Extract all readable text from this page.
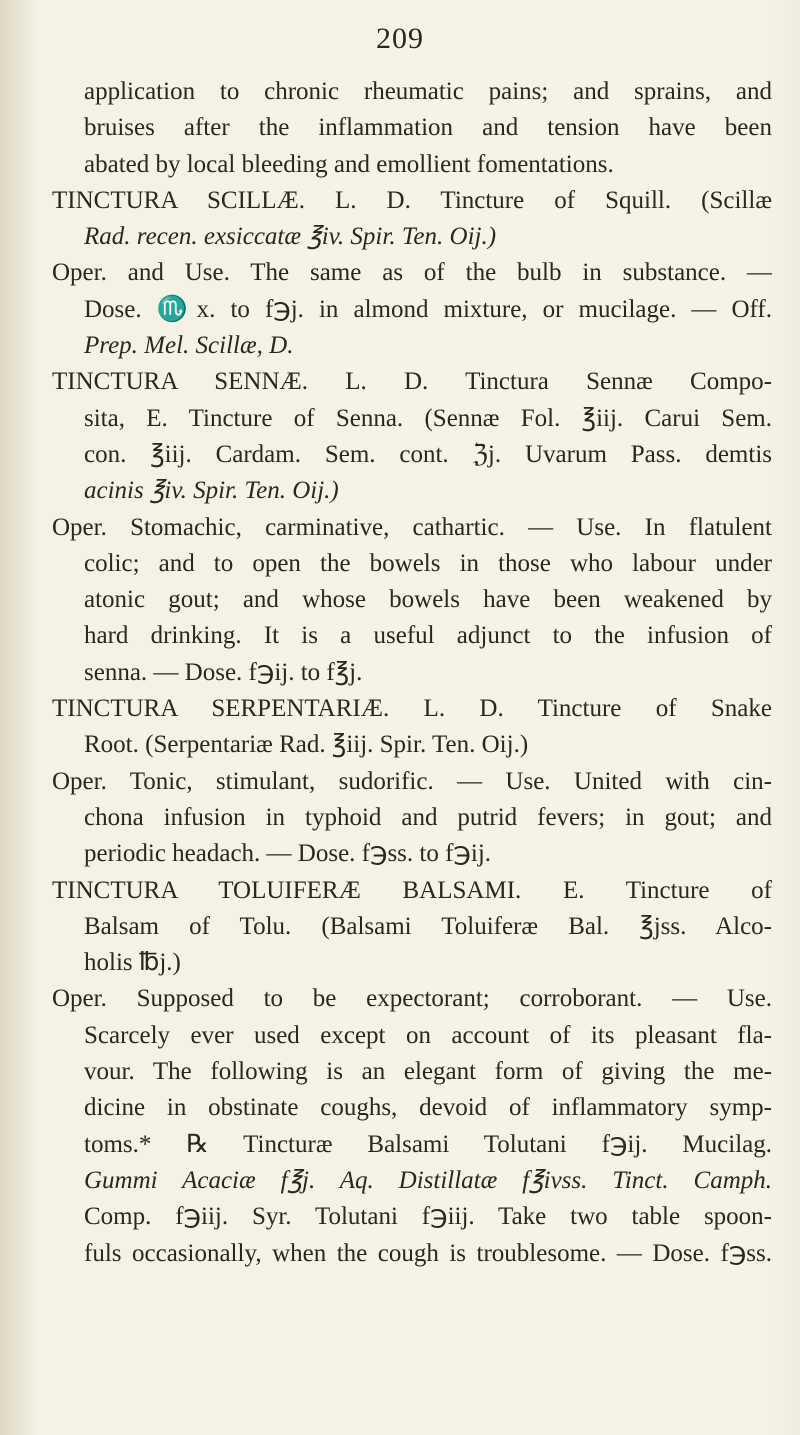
209
application to chronic rheumatic pains; and sprains, and
bruises after the inflammation and tension have been
abated by local bleeding and emollient fomentations.
TINCTURA SCILLÆ. L. D. Tincture of Squill. (Scillæ
Rad. recen. exsiccatæ ℥iv. Spir. Ten. Oij.)
Oper. and Use. The same as of the bulb in substance. —
Dose. ♏x. to f℈j. in almond mixture, or mucilage. — Off.
Prep. Mel. Scillæ, D.
TINCTURA SENNÆ. L. D. Tinctura Sennæ Compo-
sita, E. Tincture of Senna. (Sennæ Fol. ℥iij. Carui Sem.
con. ℥iij. Cardam. Sem. cont. ℨj. Uvarum Pass. demtis
acinis ℥iv. Spir. Ten. Oij.)
Oper. Stomachic, carminative, cathartic. — Use. In flatulent
colic; and to open the bowels in those who labour under
atonic gout; and whose bowels have been weakened by
hard drinking. It is a useful adjunct to the infusion of
senna. — Dose. f℈ij. to f℥j.
TINCTURA SERPENTARIÆ. L. D. Tincture of Snake
Root. (Serpentariæ Rad. ℥iij. Spir. Ten. Oij.)
Oper. Tonic, stimulant, sudorific. — Use. United with cin-
chona infusion in typhoid and putrid fevers; in gout; and
periodic headach. — Dose. f℈ss. to f℈ij.
TINCTURA TOLUIFERÆ BALSAMI. E. Tincture of
Balsam of Tolu. (Balsami Toluiferæ Bal. ℥jss. Alco-
holis ℔j.)
Oper. Supposed to be expectorant; corroborant. — Use.
Scarcely ever used except on account of its pleasant fla-
vour. The following is an elegant form of giving the me-
dicine in obstinate coughs, devoid of inflammatory symp-
toms.* ℞ Tincturæ Balsami Tolutani f℈ij. Mucilag.
Gummi Acaciæ f℥j. Aq. Distillatæ f℥ivss. Tinct. Camph.
Comp. f℈iij. Syr. Tolutani f℈iij. Take two table spoon-
fuls occasionally, when the cough is troublesome. — Dose. f℈ss.
